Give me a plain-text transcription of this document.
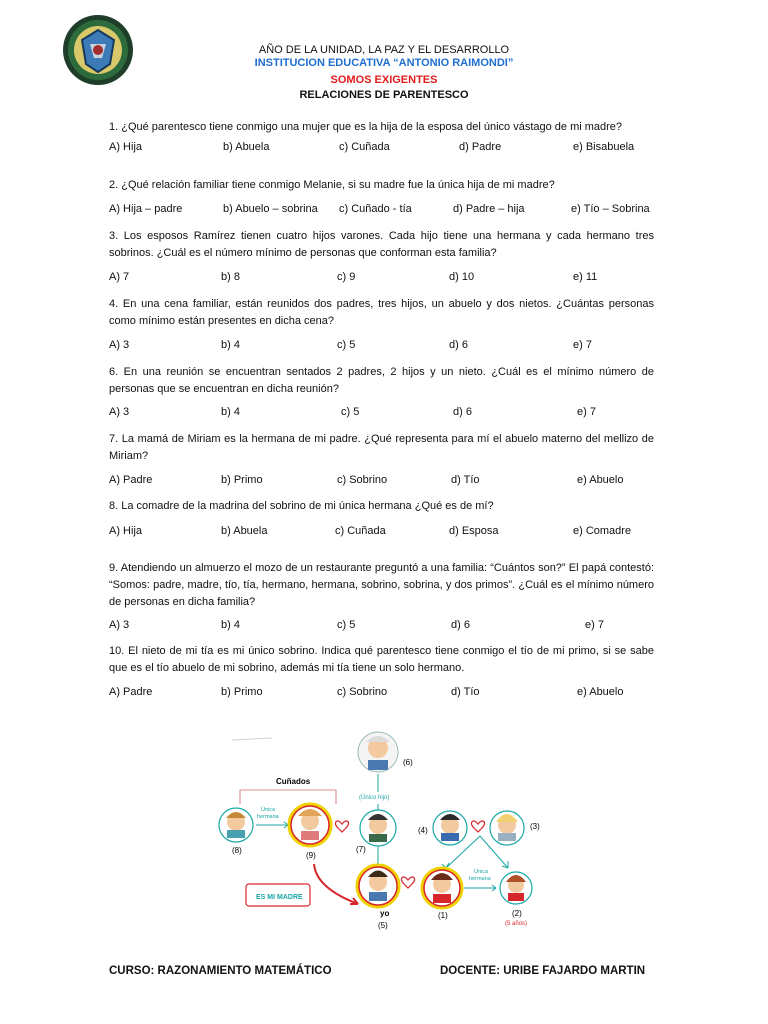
AÑO DE LA UNIDAD, LA PAZ Y EL DESARROLLO
INSTITUCION EDUCATIVA “ANTONIO RAIMONDI”
SOMOS EXIGENTES
RELACIONES DE PARENTESCO
1. ¿Qué parentesco tiene conmigo una mujer que es la hija de la esposa del único vástago de mi madre?
A) Hija	b) Abuela	c) Cuñada	d) Padre	e) Bisabuela
2. ¿Qué relación familiar tiene conmigo Melanie, si su madre fue la única hija de mi madre?
A) Hija – padre	b) Abuelo – sobrina c) Cuñado - tía	d) Padre – hija	e) Tío – Sobrina
3. Los esposos Ramírez tienen cuatro hijos varones. Cada hijo tiene una hermana y cada hermano tres sobrinos. ¿Cuál es el número mínimo de personas que conforman esta familia?
A) 7	b) 8	c) 9	d) 10	e) 11
4. En una cena familiar, están reunidos dos padres, tres hijos, un abuelo y dos nietos. ¿Cuántas personas como mínimo están presentes en dicha cena?
A) 3	b) 4	c) 5	d) 6	e) 7
6. En una reunión se encuentran sentados 2 padres, 2 hijos y un nieto. ¿Cuál es el mínimo número de personas que se encuentran en dicha reunión?
A) 3	b) 4	c) 5	d) 6	e) 7
7. La mamá de Miriam es la hermana de mi padre. ¿Qué representa para mí el abuelo materno del mellizo de Miriam?
A) Padre	b) Primo	c) Sobrino	d) Tío	e) Abuelo
8. La comadre de la madrina del sobrino de mi única hermana ¿Qué es de mí?
A) Hija	b) Abuela	c) Cuñada	d) Esposa	e) Comadre
9. Atendiendo un almuerzo el mozo de un restaurante preguntó a una familia: “Cuántos son?” El papá contestó: “Somos: padre, madre, tío, tía, hermano, hermana, sobrino, sobrina, y dos primos”. ¿Cuál es el mínimo número de personas en dicha familia?
A) 3	b) 4	c) 5	d) 6	e) 7
10. El nieto de mi tía es mi único sobrino. Indica qué parentesco tiene conmigo el tío de mi primo, si se sabe que es el tío abuelo de mi sobrino, además mi tía tiene un solo hermano.
A) Padre	b) Primo	c) Sobrino	d) Tío	e) Abuelo
(6)
(Único hijo)
Cuñados
(8)
Única hermana
(9)
(7)
ES MI MADRE
yo
(5)
(4)	(3)
(1)
Única hermana
(2)
(5 años)
CURSO: RAZONAMIENTO MATEMÁTICO	DOCENTE: URIBE FAJARDO MARTIN
